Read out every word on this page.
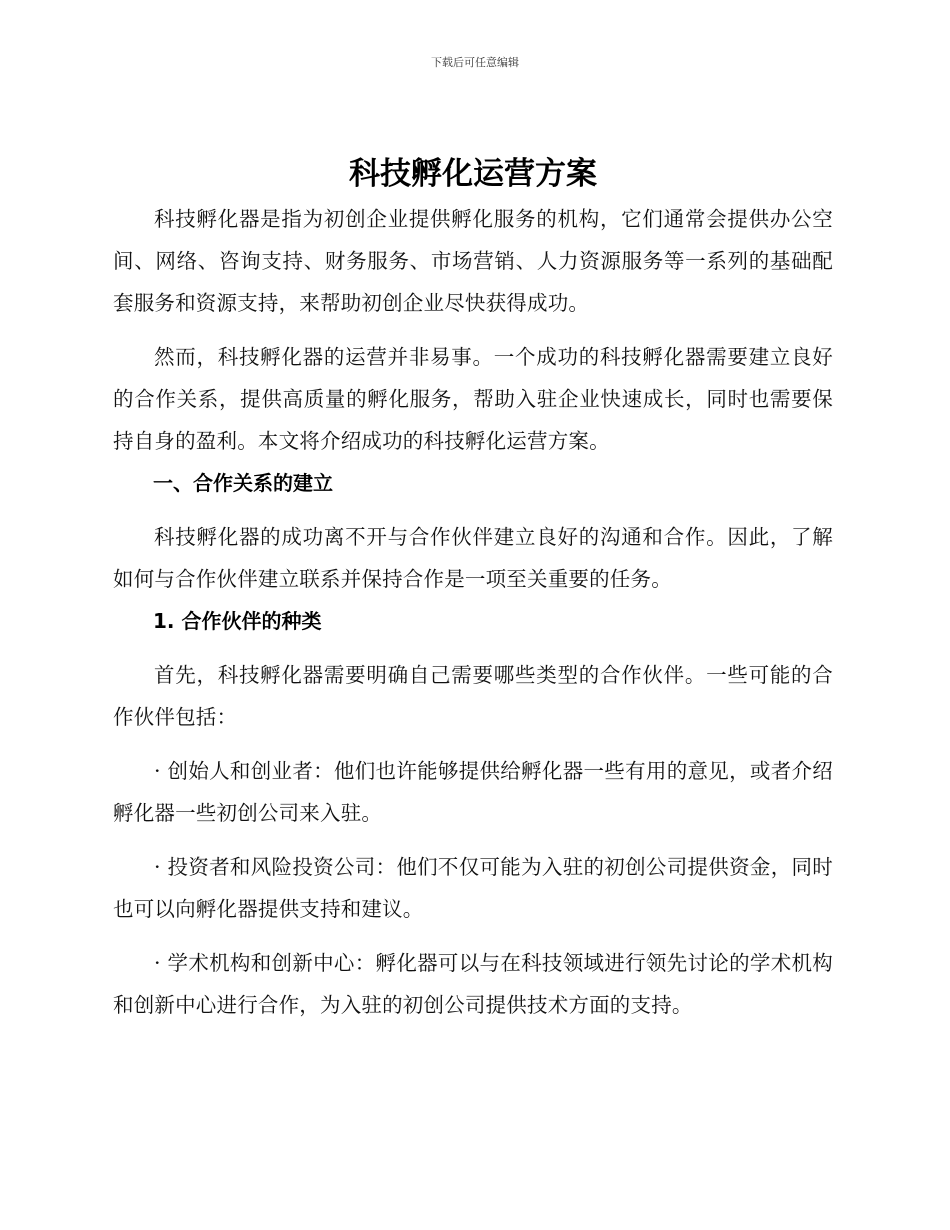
下载后可任意编辑
科技孵化运营方案

科技孵化器是指为初创企业提供孵化服务的机构，它们通常会提供办公空间、网络、咨询支持、财务服务、市场营销、人力资源服务等一系列的基础配套服务和资源支持，来帮助初创企业尽快获得成功。

然而，科技孵化器的运营并非易事。一个成功的科技孵化器需要建立良好的合作关系，提供高质量的孵化服务，帮助入驻企业快速成长，同时也需要保持自身的盈利。本文将介绍成功的科技孵化运营方案。

一、合作关系的建立

科技孵化器的成功离不开与合作伙伴建立良好的沟通和合作。因此，了解如何与合作伙伴建立联系并保持合作是一项至关重要的任务。

1. 合作伙伴的种类

首先，科技孵化器需要明确自己需要哪些类型的合作伙伴。一些可能的合作伙伴包括：

· 创始人和创业者：他们也许能够提供给孵化器一些有用的意见，或者介绍孵化器一些初创公司来入驻。

· 投资者和风险投资公司：他们不仅可能为入驻的初创公司提供资金，同时也可以向孵化器提供支持和建议。

· 学术机构和创新中心：孵化器可以与在科技领域进行领先讨论的学术机构和创新中心进行合作，为入驻的初创公司提供技术方面的支持。
